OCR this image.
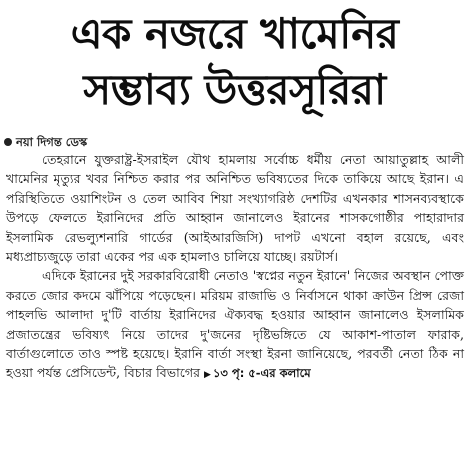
এক নজরে খামেনির
সম্ভাব্য উত্তরসূরিরা
নয়া দিগন্ত ডেস্ক

তেহরানে যুক্তরাষ্ট্র-ইসরাইল যৌথ হামলায় সর্বোচ্চ ধর্মীয় নেতা আয়াতুল্লাহ আলী খামেনির মৃত্যুর খবর নিশ্চিত করার পর অনিশ্চিত ভবিষ্যতের দিকে তাকিয়ে আছে ইরান। এ পরিস্থিতিতে ওয়াশিংটন ও তেল আবিব শিয়া সংখ্যাগরিষ্ঠ দেশটির এখনকার শাসনব্যবস্থাকে উপড়ে ফেলতে ইরানিদের প্রতি আহ্বান জানালেও ইরানের শাসকগোষ্ঠীর পাহারাদার ইসলামিক রেভল্যুশনারি গার্ডের (আইআরজিসি) দাপট এখনো বহাল রয়েছে, এবং মধ্যপ্রাচ্যজুড়ে তারা একের পর এক হামলাও চালিয়ে যাচ্ছে। রয়টার্স।

এদিকে ইরানের দুই সরকারবিরোধী নেতাও 'স্বপ্নের নতুন ইরানে' নিজের অবস্থান পোক্ত করতে জোর কদমে ঝাঁপিয়ে পড়েছেন। মরিয়ম রাজাভি ও নির্বাসনে থাকা ক্রাউন প্রিন্স রেজা পাহলভি আলাদা দু'টি বার্তায় ইরানিদের ঐক্যবদ্ধ হওয়ার আহ্বান জানালেও ইসলামিক প্রজাতন্ত্রের ভবিষ্যৎ নিয়ে তাদের দু'জনের দৃষ্টিভঙ্গিতে যে আকাশ-পাতাল ফারাক, বার্তাগুলোতে তাও স্পষ্ট হয়েছে। ইরানি বার্তা সংস্থা ইরনা জানিয়েছে, পরবর্তী নেতা ঠিক না হওয়া পর্যন্ত প্রেসিডেন্ট, বিচার বিভাগের ▶ ১৩ পৃ: ৫-এর কলামে
